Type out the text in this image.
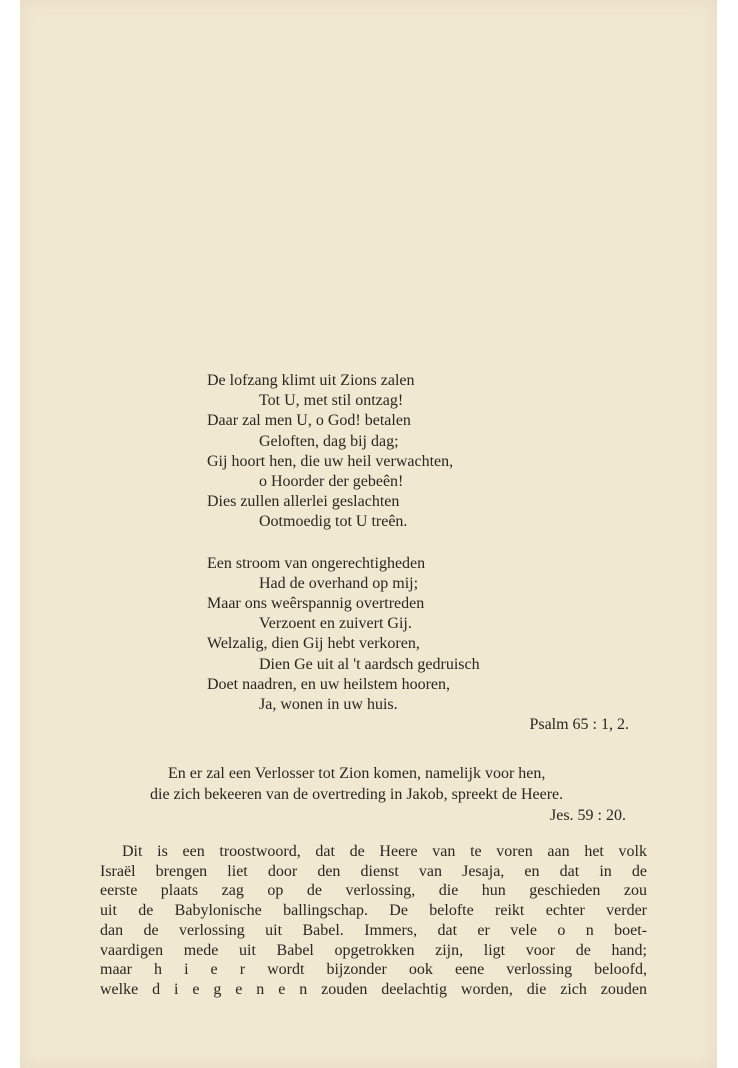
De lofzang klimt uit Zions zalen
Tot U, met stil ontzag!
Daar zal men U, o God! betalen
Geloften, dag bij dag;
Gij hoort hen, die uw heil verwachten,
o Hoorder der gebeên!
Dies zullen allerlei geslachten
Ootmoedig tot U treên.
Een stroom van ongerechtigheden
Had de overhand op mij;
Maar ons weêrspannig overtreden
Verzoent en zuivert Gij.
Welzalig, dien Gij hebt verkoren,
Dien Ge uit al 't aardsch gedruisch
Doet naadren, en uw heilstem hooren,
Ja, wonen in uw huis.
Psalm 65 : 1, 2.
En er zal een Verlosser tot Zion komen, namelijk voor hen,
die zich bekeeren van de overtreding in Jakob, spreekt de Heere.
Jes. 59 : 20.
Dit is een troostwoord, dat de Heere van te voren aan het volk
Israël brengen liet door den dienst van Jesaja, en dat in de
eerste plaats zag op de verlossing, die hun geschieden zou
uit de Babylonische ballingschap. De belofte reikt echter verder
dan de verlossing uit Babel. Immers, dat er vele o n boet-
vaardigen mede uit Babel opgetrokken zijn, ligt voor de hand;
maar h i e r wordt bijzonder ook eene verlossing beloofd,
welke d i e g e n e n zouden deelachtig worden, die zich zouden
